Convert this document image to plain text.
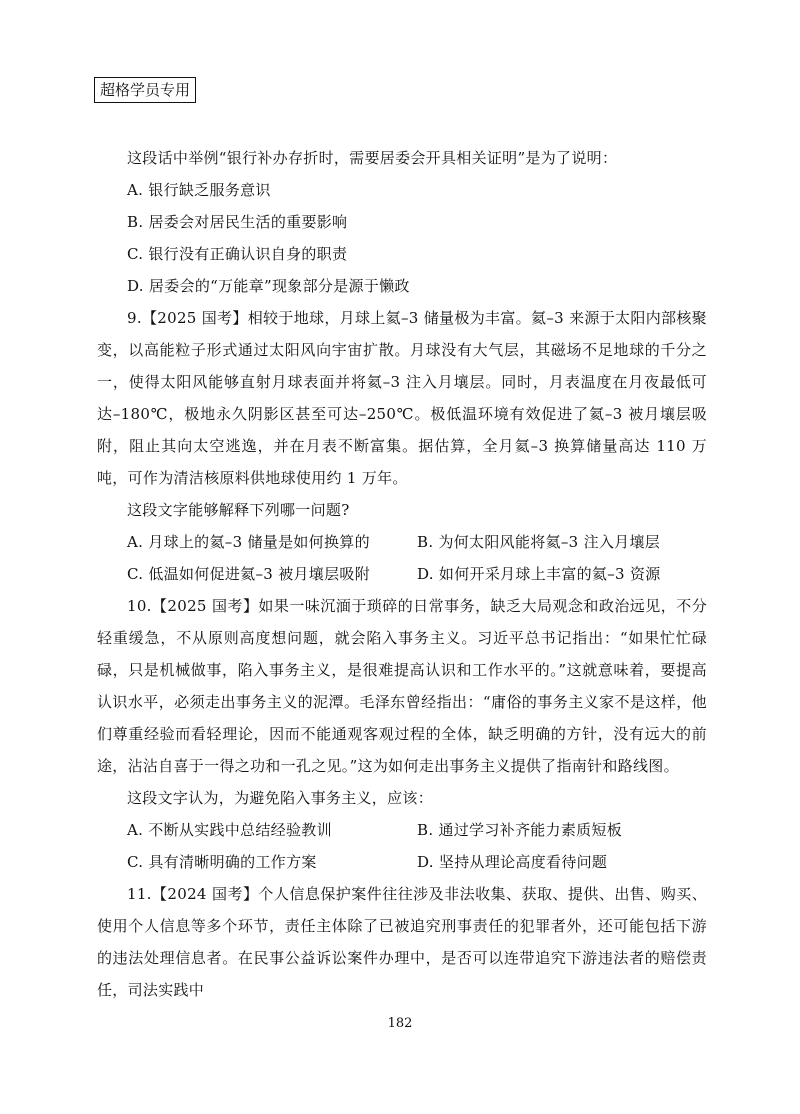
超格学员专用

这段话中举例“银行补办存折时，需要居委会开具相关证明”是为了说明：

A. 银行缺乏服务意识

B. 居委会对居民生活的重要影响

C. 银行没有正确认识自身的职责

D. 居委会的“万能章”现象部分是源于懒政

9.【2025 国考】相较于地球，月球上氦–3 储量极为丰富。氦–3 来源于太阳内部核聚变，以高能粒子形式通过太阳风向宇宙扩散。月球没有大气层，其磁场不足地球的千分之一，使得太阳风能够直射月球表面并将氦–3 注入月壤层。同时，月表温度在月夜最低可达–180℃，极地永久阴影区甚至可达–250℃。极低温环境有效促进了氦–3 被月壤层吸附，阻止其向太空逃逸，并在月表不断富集。据估算，全月氦–3 换算储量高达 110 万吨，可作为清洁核原料供地球使用约 1 万年。

这段文字能够解释下列哪一问题?

A. 月球上的氦–3 储量是如何换算的	B. 为何太阳风能将氦–3 注入月壤层
C. 低温如何促进氦–3 被月壤层吸附	D. 如何开采月球上丰富的氦–3 资源

10.【2025 国考】如果一味沉湎于琐碎的日常事务，缺乏大局观念和政治远见，不分轻重缓急，不从原则高度想问题，就会陷入事务主义。习近平总书记指出：“如果忙忙碌碌，只是机械做事，陷入事务主义，是很难提高认识和工作水平的。”这就意味着，要提高认识水平，必须走出事务主义的泥潭。毛泽东曾经指出：“庸俗的事务主义家不是这样，他们尊重经验而看轻理论，因而不能通观客观过程的全体，缺乏明确的方针，没有远大的前途，沾沾自喜于一得之功和一孔之见。”这为如何走出事务主义提供了指南针和路线图。

这段文字认为，为避免陷入事务主义，应该：

A. 不断从实践中总结经验教训	B. 通过学习补齐能力素质短板
C. 具有清晰明确的工作方案	D. 坚持从理论高度看待问题

11.【2024 国考】个人信息保护案件往往涉及非法收集、获取、提供、出售、购买、使用个人信息等多个环节，责任主体除了已被追究刑事责任的犯罪者外，还可能包括下游的违法处理信息者。在民事公益诉讼案件办理中，是否可以连带追究下游违法者的赔偿责任，司法实践中

182
